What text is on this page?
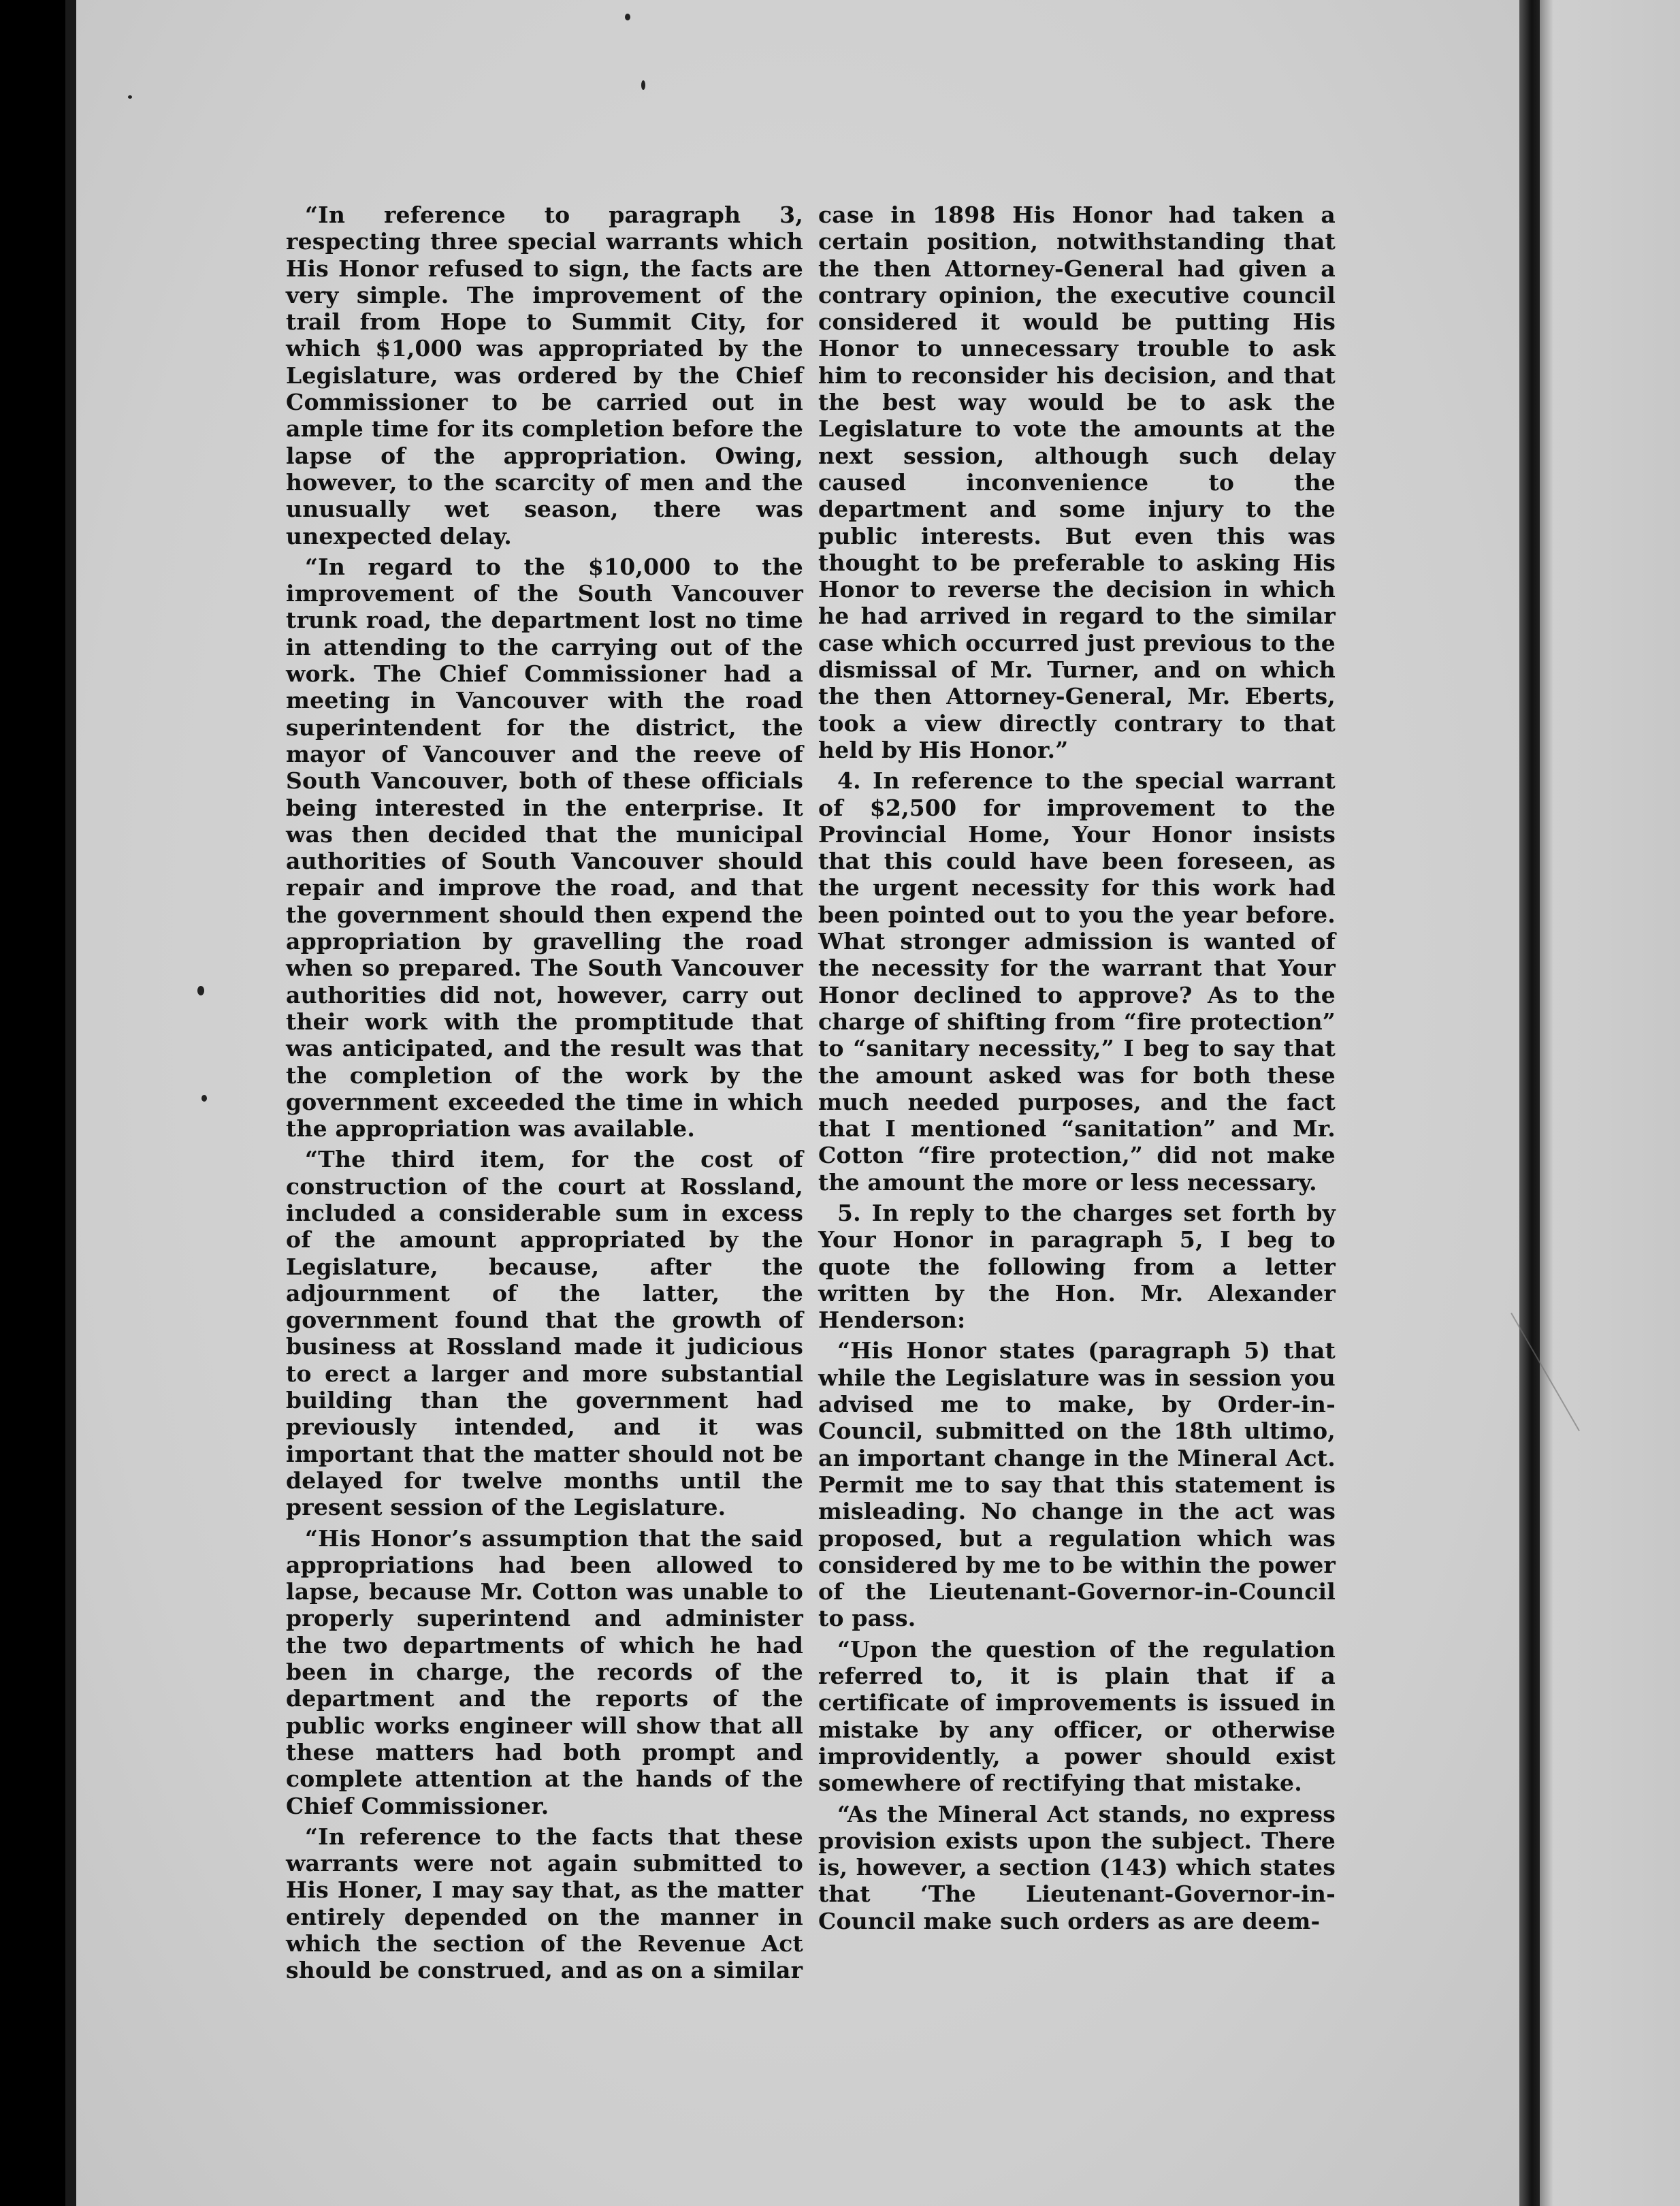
“In reference to paragraph 3, respecting three special warrants which His Honor refused to sign, the facts are very simple. The improvement of the trail from Hope to Summit City, for which $1,000 was appropriated by the Legislature, was ordered by the Chief Commissioner to be carried out in ample time for its completion before the lapse of the appropriation. Owing, however, to the scarcity of men and the unusually wet season, there was unexpected delay.

“In regard to the $10,000 to the improvement of the South Vancouver trunk road, the department lost no time in attending to the carrying out of the work. The Chief Commissioner had a meeting in Vancouver with the road superintendent for the district, the mayor of Vancouver and the reeve of South Vancouver, both of these officials being interested in the enterprise. It was then decided that the municipal authorities of South Vancouver should repair and improve the road, and that the government should then expend the appropriation by gravelling the road when so prepared. The South Vancouver authorities did not, however, carry out their work with the promptitude that was anticipated, and the result was that the completion of the work by the government exceeded the time in which the appropriation was available.

“The third item, for the cost of construction of the court at Rossland, included a considerable sum in excess of the amount appropriated by the Legislature, because, after the adjournment of the latter, the government found that the growth of business at Rossland made it judicious to erect a larger and more substantial building than the government had previously intended, and it was important that the matter should not be delayed for twelve months until the present session of the Legislature.

“His Honor’s assumption that the said appropriations had been allowed to lapse, because Mr. Cotton was unable to properly superintend and administer the two departments of which he had been in charge, the records of the department and the reports of the public works engineer will show that all these matters had both prompt and complete attention at the hands of the Chief Commissioner.

“In reference to the facts that these warrants were not again submitted to His Honer, I may say that, as the matter entirely depended on the manner in which the section of the Revenue Act should be construed, and as on a similar

case in 1898 His Honor had taken a certain position, notwithstanding that the then Attorney-General had given a contrary opinion, the executive council considered it would be putting His Honor to unnecessary trouble to ask him to reconsider his decision, and that the best way would be to ask the Legislature to vote the amounts at the next session, although such delay caused inconvenience to the department and some injury to the public interests. But even this was thought to be preferable to asking His Honor to reverse the decision in which he had arrived in regard to the similar case which occurred just previous to the dismissal of Mr. Turner, and on which the then Attorney-General, Mr. Eberts, took a view directly contrary to that held by His Honor.”

4. In reference to the special warrant of $2,500 for improvement to the Provincial Home, Your Honor insists that this could have been foreseen, as the urgent necessity for this work had been pointed out to you the year before. What stronger admission is wanted of the necessity for the warrant that Your Honor declined to approve? As to the charge of shifting from “fire protection” to “sanitary necessity,” I beg to say that the amount asked was for both these much needed purposes, and the fact that I mentioned “sanitation” and Mr. Cotton “fire protection,” did not make the amount the more or less necessary.

5. In reply to the charges set forth by Your Honor in paragraph 5, I beg to quote the following from a letter written by the Hon. Mr. Alexander Henderson:

“His Honor states (paragraph 5) that while the Legislature was in session you advised me to make, by Order-in-Council, submitted on the 18th ultimo, an important change in the Mineral Act. Permit me to say that this statement is misleading. No change in the act was proposed, but a regulation which was considered by me to be within the power of the Lieutenant-Governor-in-Council to pass.

“Upon the question of the regulation referred to, it is plain that if a certificate of improvements is issued in mistake by any officer, or otherwise improvidently, a power should exist somewhere of rectifying that mistake.

“As the Mineral Act stands, no express provision exists upon the subject. There is, however, a section (143) which states that ‘The Lieutenant-Governor-in-Council make such orders as are deem-
